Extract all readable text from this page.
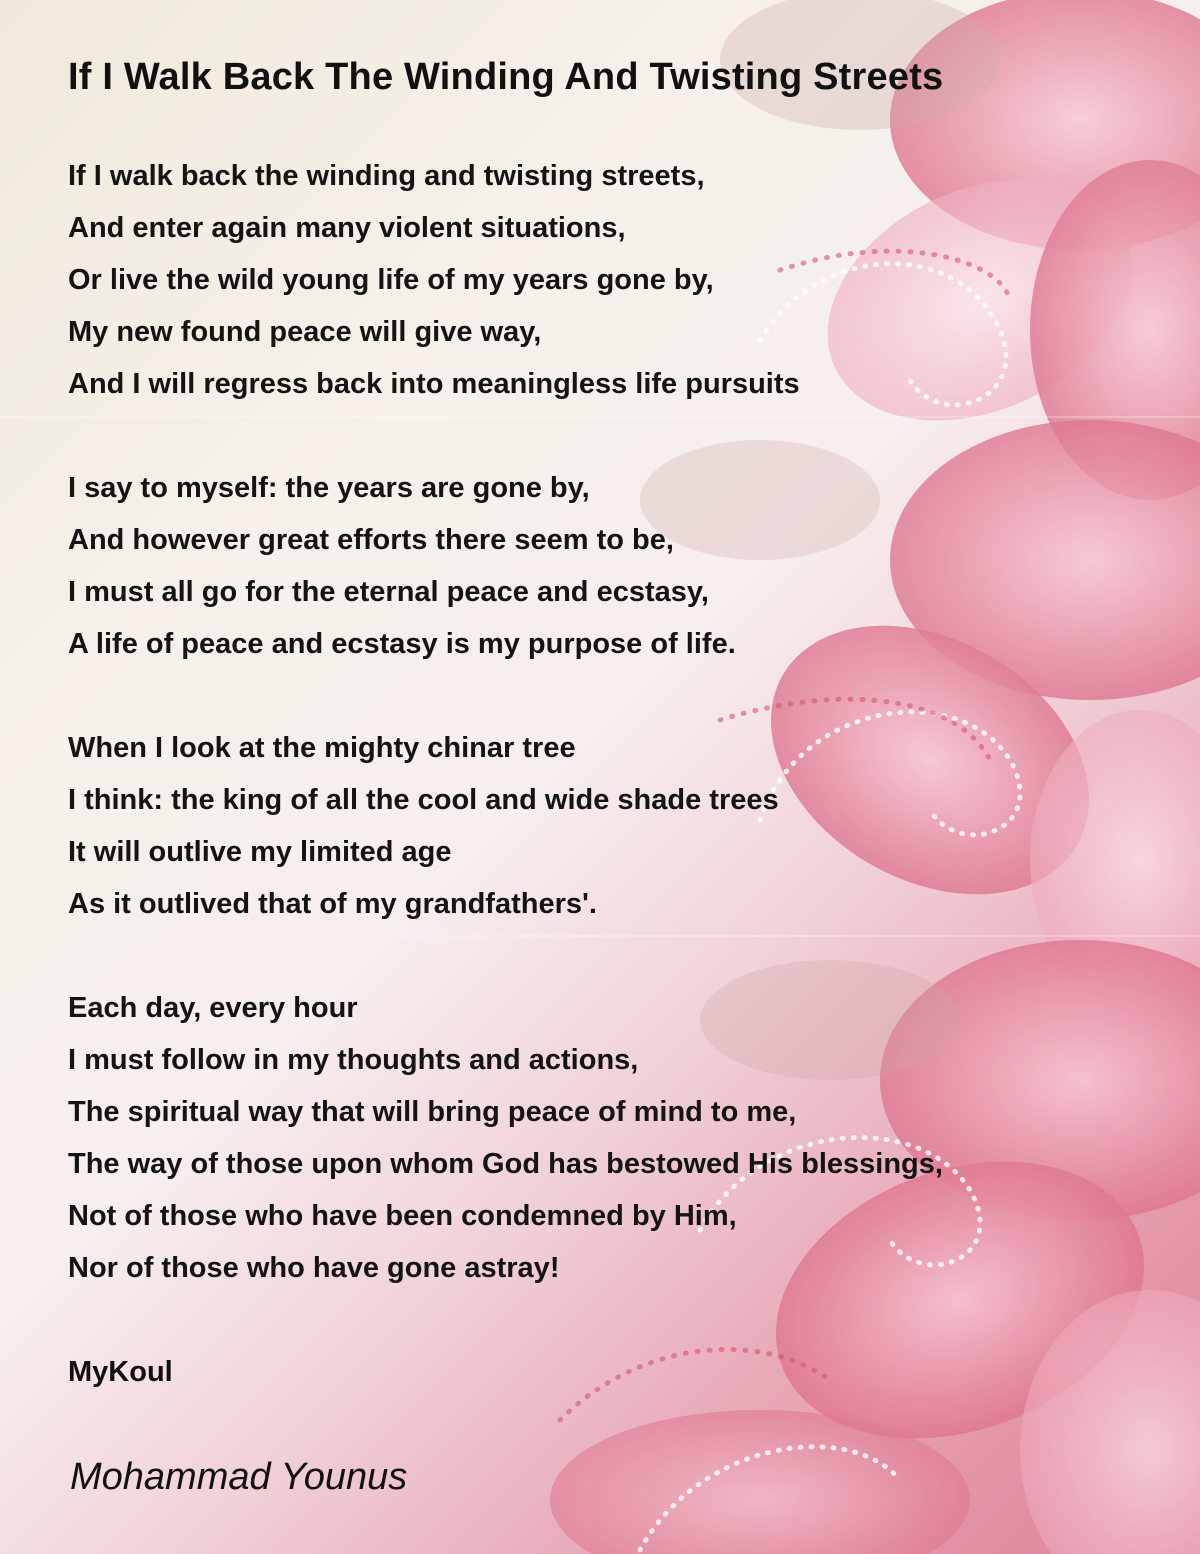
If I Walk Back The Winding And Twisting Streets
If I walk back the winding and twisting streets,
And enter again many violent situations,
Or live the wild young life of my years gone by,
My new found peace will give way,
And I will regress back into meaningless life pursuits
I say to myself: the years are gone by,
And however great efforts there seem to be,
I must all go for the eternal peace and ecstasy,
A life of peace and ecstasy is my purpose of life.
When I look at the mighty chinar tree
I think: the king of all the cool and wide shade trees
It will outlive my limited age
As it outlived that of my grandfathers'.
Each day, every hour
I must follow in my thoughts and actions,
The spiritual way that will bring peace of mind to me,
The way of those upon whom God has bestowed His blessings,
Not of those who have been condemned by Him,
Nor of those who have gone astray!
MyKoul
Mohammad Younus
